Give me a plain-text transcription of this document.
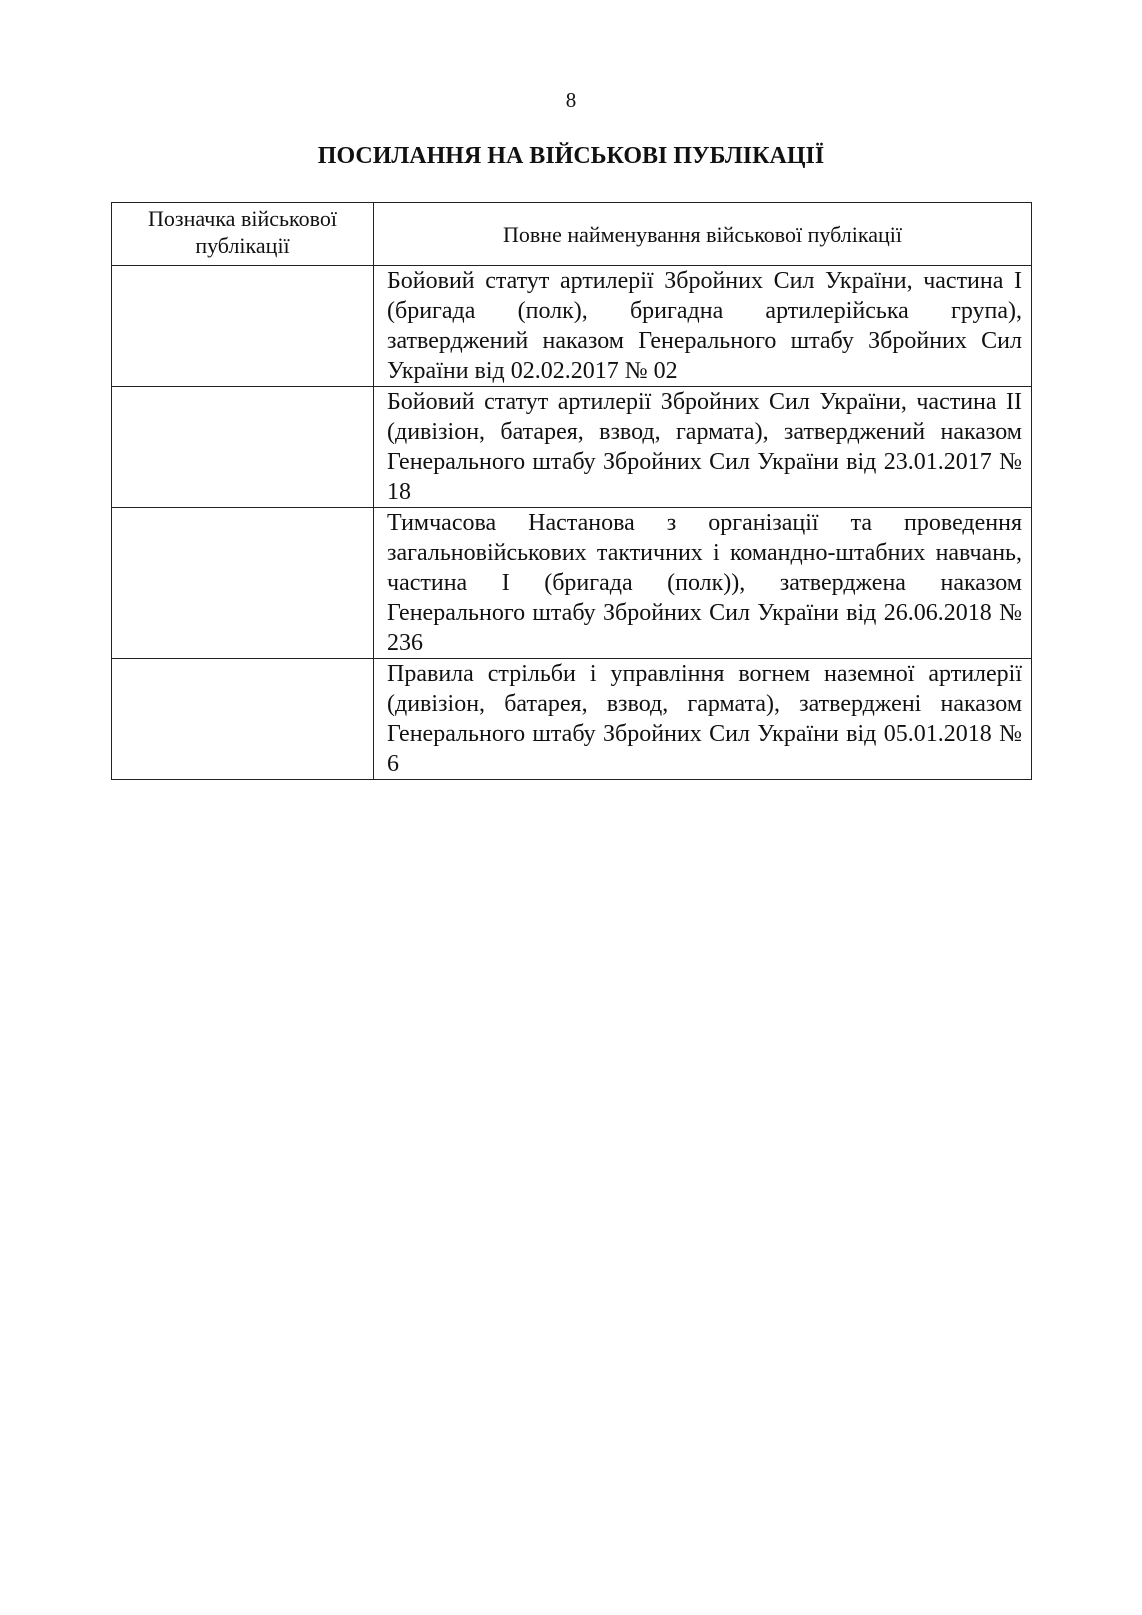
8
ПОСИЛАННЯ НА ВІЙСЬКОВІ ПУБЛІКАЦІЇ
Позначка військової публікації	Повне найменування військової публікації
	Бойовий статут артилерії Збройних Сил України, частина І (бригада (полк), бригадна артилерійська група), затверджений наказом Генерального штабу Збройних Сил України від 02.02.2017 № 02
	Бойовий статут артилерії Збройних Сил України, частина ІІ (дивізіон, батарея, взвод, гармата), затверджений наказом Генерального штабу Збройних Сил України від 23.01.2017 № 18
	Тимчасова Настанова з організації та проведення загальновійськових тактичних і командно-штабних навчань, частина І (бригада (полк)), затверджена наказом Генерального штабу Збройних Сил України від 26.06.2018 № 236
	Правила стрільби і управління вогнем наземної артилерії (дивізіон, батарея, взвод, гармата), затверджені наказом Генерального штабу Збройних Сил України від 05.01.2018 № 6
